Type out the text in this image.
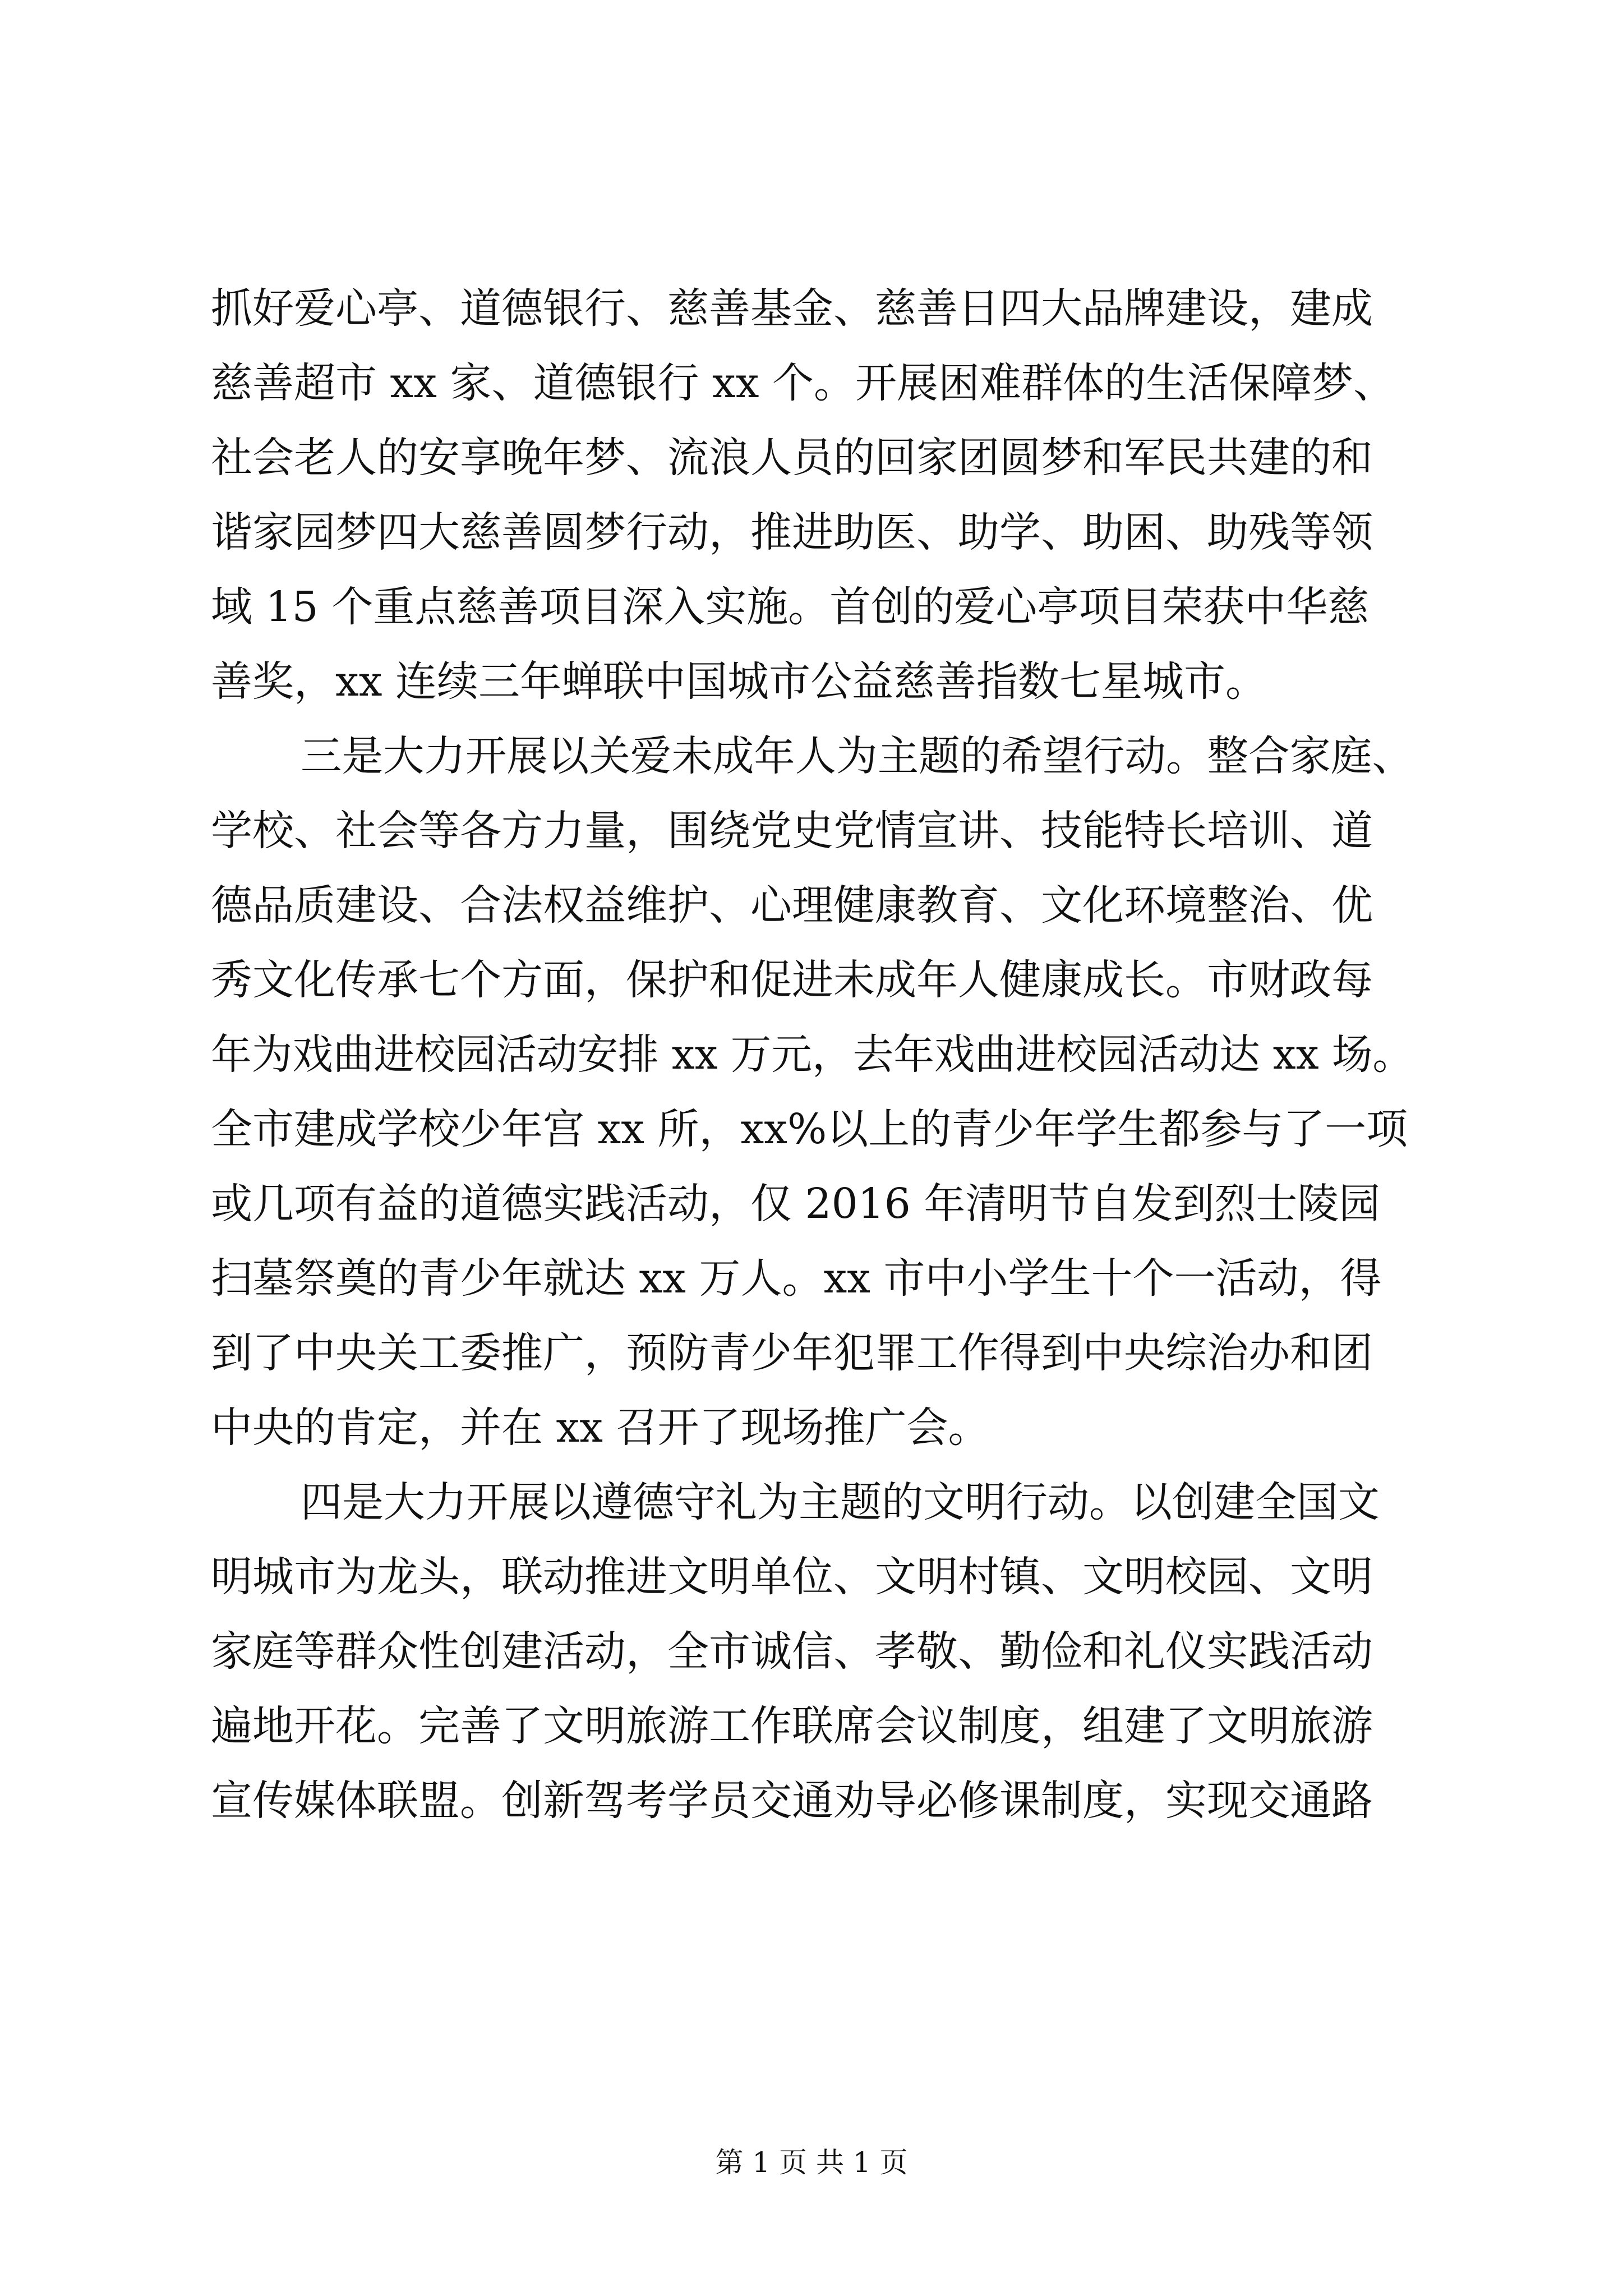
抓好爱心亭、道德银行、慈善基金、慈善日四大品牌建设，建成
慈善超市 xx 家、道德银行 xx 个。开展困难群体的生活保障梦、
社会老人的安享晚年梦、流浪人员的回家团圆梦和军民共建的和
谐家园梦四大慈善圆梦行动，推进助医、助学、助困、助残等领
域 15 个重点慈善项目深入实施。首创的爱心亭项目荣获中华慈
善奖，xx 连续三年蝉联中国城市公益慈善指数七星城市。
三是大力开展以关爱未成年人为主题的希望行动。整合家庭、
学校、社会等各方力量，围绕党史党情宣讲、技能特长培训、道
德品质建设、合法权益维护、心理健康教育、文化环境整治、优
秀文化传承七个方面，保护和促进未成年人健康成长。市财政每
年为戏曲进校园活动安排 xx 万元，去年戏曲进校园活动达 xx 场。
全市建成学校少年宫 xx 所，xx%以上的青少年学生都参与了一项
或几项有益的道德实践活动，仅 2016 年清明节自发到烈士陵园
扫墓祭奠的青少年就达 xx 万人。xx 市中小学生十个一活动，得
到了中央关工委推广，预防青少年犯罪工作得到中央综治办和团
中央的肯定，并在 xx 召开了现场推广会。
四是大力开展以遵德守礼为主题的文明行动。以创建全国文
明城市为龙头，联动推进文明单位、文明村镇、文明校园、文明
家庭等群众性创建活动，全市诚信、孝敬、勤俭和礼仪实践活动
遍地开花。完善了文明旅游工作联席会议制度，组建了文明旅游
宣传媒体联盟。创新驾考学员交通劝导必修课制度，实现交通路
第 1 页 共 1 页
